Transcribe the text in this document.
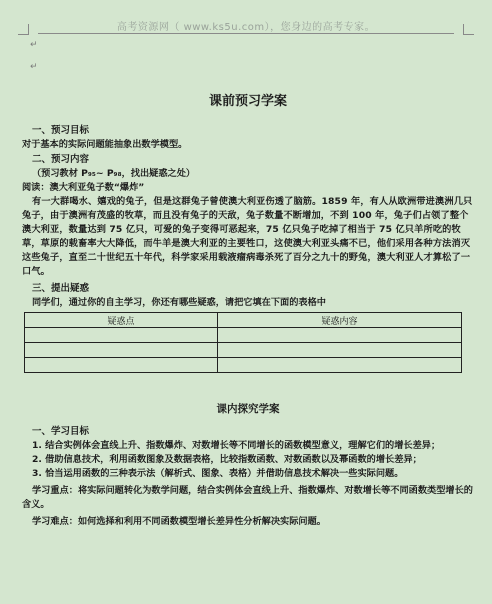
高考资源网（ www.ks5u.com），您身边的高考专家。
↵
↵
课前预习学案
一、预习目标
对于基本的实际问题能抽象出数学模型。
二、预习内容
（预习教材 P₉₅~ P₉₈，找出疑惑之处）
阅读：澳大利亚兔子数“爆炸”
有一大群喝水、嬉戏的兔子，但是这群兔子曾使澳大利亚伤透了脑筋。1859 年，有人从欧洲带进澳洲几只兔子，由于澳洲有茂盛的牧草，而且没有兔子的天敌，兔子数量不断增加，不到 100 年，兔子们占领了整个澳大利亚，数量达到 75 亿只，可爱的兔子变得可恶起来，75 亿只兔子吃掉了相当于 75 亿只羊所吃的牧草，草原的载畜率大大降低，而牛羊是澳大利亚的主要牲口，这使澳大利亚头痛不已，他们采用各种方法消灭这些兔子，直至二十世纪五十年代，科学家采用载液瘤病毒杀死了百分之九十的野兔，澳大利亚人才算松了一口气。
三、提出疑惑
同学们，通过你的自主学习，你还有哪些疑惑，请把它填在下面的表格中
疑惑点	疑惑内容

课内探究学案
一、学习目标
1. 结合实例体会直线上升、指数爆炸、对数增长等不同增长的函数模型意义，理解它们的增长差异；
2. 借助信息技术，利用函数图象及数据表格，比较指数函数、对数函数以及幂函数的增长差异；
3. 恰当运用函数的三种表示法（解析式、图象、表格）并借助信息技术解决一些实际问题。
学习重点：将实际问题转化为数学问题，结合实例体会直线上升、指数爆炸、对数增长等不同函数类型增长的含义。
学习难点：如何选择和利用不同函数模型增长差异性分析解决实际问题。
